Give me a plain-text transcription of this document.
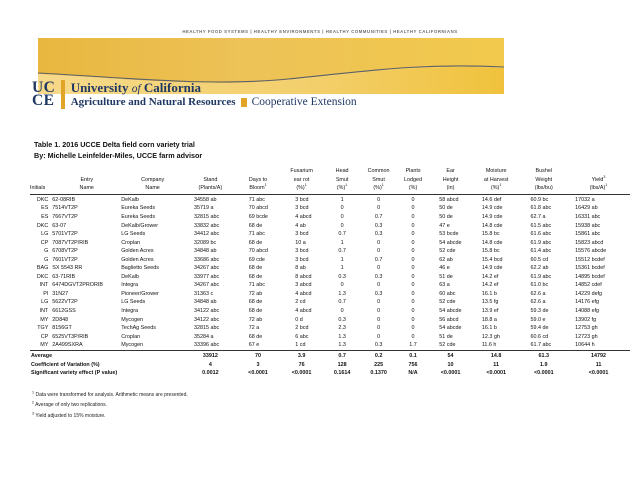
HEALTHY FOOD SYSTEMS | HEALTHY ENVIRONMENTS | HEALTHY COMMUNITIES | HEALTHY CALIFORNIANS
UC
CE
University of California
Agriculture and Natural Resources Cooperative Extension
Table 1. 2016 UCCE Delta field corn variety trial
By: Michelle Leinfelder-Miles, UCCE farm advisor
					Fusarium	Head	Common	Plants	Ear	Moisture	Bushel	
	Entry	Company	Stand	Days to	ear rot	Smut	Smut	Lodged	Height	at Harvest	Weight	Yield$^3$
Initials	Name	Name	(Plants/A)	Bloom$^1$	(%)$^1$	(%)$^1$	(%)$^1$	(%)	(in)	(%)$^1$	(lbs/bu)	$(lbs/A)^1$
DKC	62-08RIB	DeKalb	34558 ab	71 abc	3 bcd	1	0	0	58 abcd	14.6 def	60.9 bc	17032 a
ES	7514VT2P	Eureka Seeds	35719 a	70 abcd	3 bcd	0	0	0	50 de	14.9 cde	61.8 abc	16429 ab
ES	7667VT2P	Eureka Seeds	32815 abc	69 bcde	4 abcd	0	0.7	0	50 de	14.9 cde	62.7 a	16331 abc
DKC	63-07	DeKalb/Grower	33832 abc	68 de	4 ab	0	0.3	0	47 e	14.8 cde	61.5 abc	15938 abc
LG	5701VT2P	LG Seeds	34412 abc	71 abc	3 bcd	0.7	0.3	0	53 bcde	15.8 bc	61.6 abc	15861 abc
CP	7087VT2P/RIB	Croplan	32089 bc	68 de	10 a	1	0	0	54 abcde	14.8 cde	61.9 abc	15823 abcd
G	6708VT2P	Golden Acres	34848 ab	70 abcd	3 bcd	0.7	0	0	52 cde	15.8 bc	61.4 abc	15576 abcde
G	7601VT2P	Golden Acres	33686 abc	69 cde	3 bcd	1	0.7	0	62 ab	15.4 bcd	60.5 cd	15512 bcdef
BAG	SX 5543 RR	Baglietto Seeds	34267 abc	68 de	8 ab	1	0	0	46 e	14.9 cde	62.2 ab	15361 bcdef
DKC	63-71RIB	DeKalb	33977 abc	68 de	8 abcd	0.3	0.3	0	51 de	14.2 ef	61.9 abc	14895 bcdef
INT	6474DGVT2PRORIB	Integra	34267 abc	71 abc	3 abcd	0	0	0	63 a	14.2 ef	61.0 bc	14852 cdef
PI	31N27	Pioneer/Grower	31363 c	72 ab	4 abcd	1.3	0.3	0	60 abc	16.1 b	62.6 a	14229 defg
LG	5622VT2P	LG Seeds	34848 ab	68 de	2 cd	0.7	0	0	52 cde	13.5 fg	62.6 a	14176 efg
INT	6612GSS	Integra	34122 abc	68 de	4 abcd	0	0	0	54 abcde	13.9 ef	59.3 de	14088 efg
MY	2D848	Mycogen	34122 abc	72 ab	0 d	0.3	0	0	56 abcd	18.8 a	59.0 e	13902 fg
TGY	8156GT	TechAg Seeds	32815 abc	72 a	2 bcd	2.3	0	0	54 abcde	16.1 b	59.4 de	12753 gh
CP	6525VT3P/RIB	Croplan	35284 a	68 de	6 abc	1.3	0	0	51 de	12.3 gh	60.6 cd	12723 gh
MY	2A499SXRA	Mycogen	33396 abc	67 e	1 cd	1.3	0.3	1.7	52 cde	11.6 h	61.7 abc	10644 h
Average			33912	70	3.9	0.7	0.2	0.1	54	14.8	61.3	14792
Coefficient of Variation (%)			4	3	76	128	225	756	10	11	1.9	11
Significant variety effect (P value)			0.0012	<0.0001	<0.0001	0.1614	0.1370	N/A	<0.0001	<0.0001	<0.0001	<0.0001
$^1$ Data were transformed for analysis. Arithmetic means are presented.
$^2$ Average of only two replications.
$^3$ Yield adjusted to 15% moisture.
